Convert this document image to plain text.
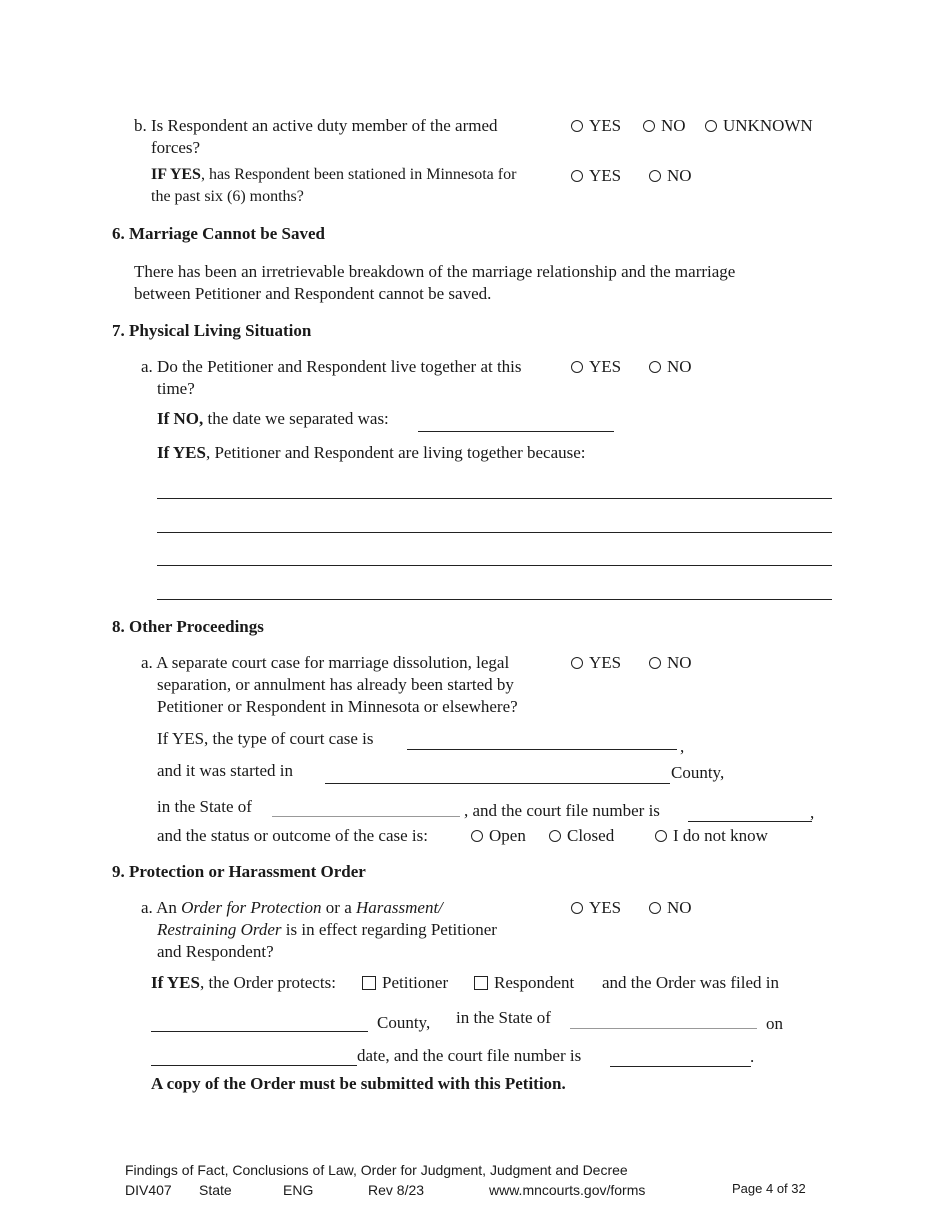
b. Is Respondent an active duty member of the armed
forces?
YES	NO	UNKNOWN
IF YES, has Respondent been stationed in Minnesota for
the past six (6) months?
YES	NO
6. Marriage Cannot be Saved
There has been an irretrievable breakdown of the marriage relationship and the marriage
between Petitioner and Respondent cannot be saved.
7. Physical Living Situation
a. Do the Petitioner and Respondent live together at this
time?
YES	NO
If NO, the date we separated was:
If YES, Petitioner and Respondent are living together because:
8. Other Proceedings
a. A separate court case for marriage dissolution, legal
separation, or annulment has already been started by
Petitioner or Respondent in Minnesota or elsewhere?
YES	NO
If YES, the type of court case is	,
and it was started in	County,
in the State of	, and the court file number is	,
and the status or outcome of the case is:	Open	Closed	I do not know
9. Protection or Harassment Order
a. An Order for Protection or a Harassment/
Restraining Order is in effect regarding Petitioner
and Respondent?
YES	NO
If YES, the Order protects:	Petitioner	Respondent and the Order was filed in
County, in the State of	on
date, and the court file number is	.
A copy of the Order must be submitted with this Petition.
Findings of Fact, Conclusions of Law, Order for Judgment, Judgment and Decree
DIV407 State	ENG	Rev 8/23	www.mncourts.gov/forms	Page 4 of 32
